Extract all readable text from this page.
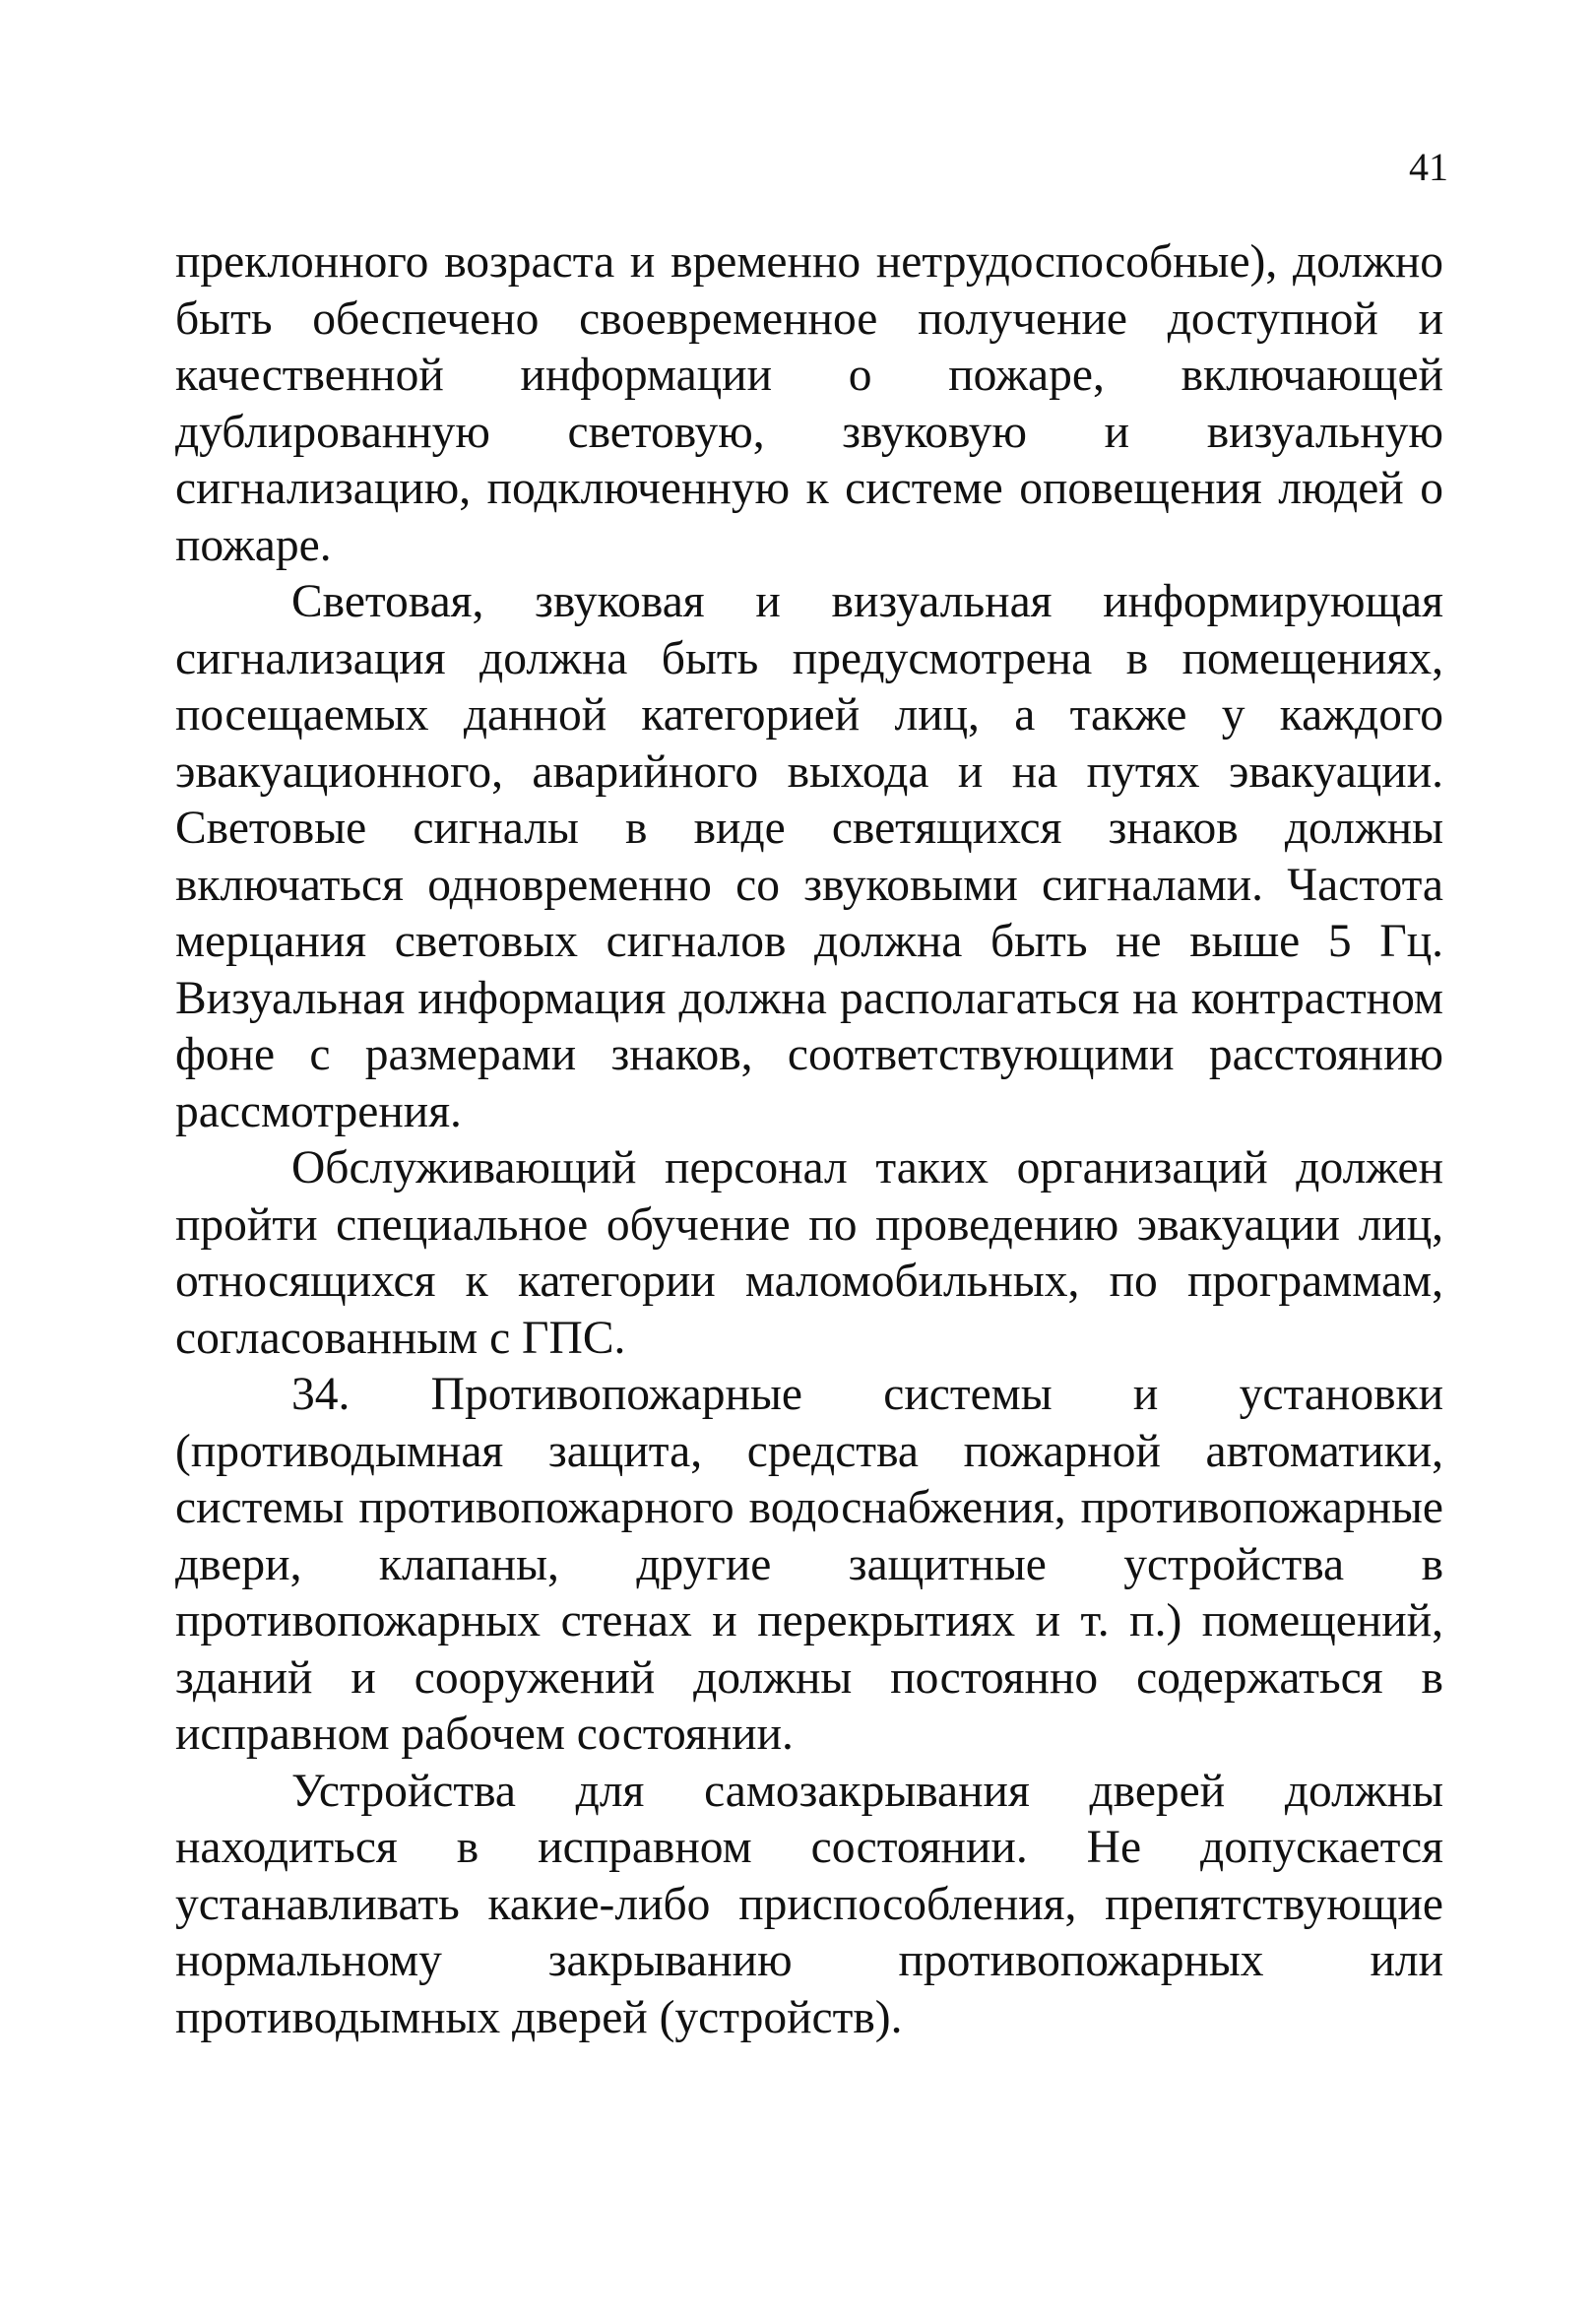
41

преклонного возраста и временно нетрудоспособные), должно быть обеспечено своевременное получение доступной и качественной информации о пожаре, включающей дублированную световую, звуковую и визуальную сигнализацию, подключенную к системе оповещения людей о пожаре.

Световая, звуковая и визуальная информирующая сигнализация должна быть предусмотрена в помещениях, посещаемых данной категорией лиц, а также у каждого эвакуационного, аварийного выхода и на путях эвакуации. Световые сигналы в виде светящихся знаков должны включаться одновременно со звуковыми сигналами. Частота мерцания световых сигналов должна быть не выше 5 Гц. Визуальная информация должна располагаться на контрастном фоне с размерами знаков, соответствующими расстоянию рассмотрения.

Обслуживающий персонал таких организаций должен пройти специальное обучение по проведению эвакуации лиц, относящихся к категории маломобильных, по программам, согласованным с ГПС.

34. Противопожарные системы и установки (противодымная защита, средства пожарной автоматики, системы противопожарного водоснабжения, противопожарные двери, клапаны, другие защитные устройства в противопожарных стенах и перекрытиях и т. п.) помещений, зданий и сооружений должны постоянно содержаться в исправном рабочем состоянии.

Устройства для самозакрывания дверей должны находиться в исправном состоянии. Не допускается устанавливать какие-либо приспособления, препятствующие нормальному закрыванию противопожарных или противодымных дверей (устройств).
